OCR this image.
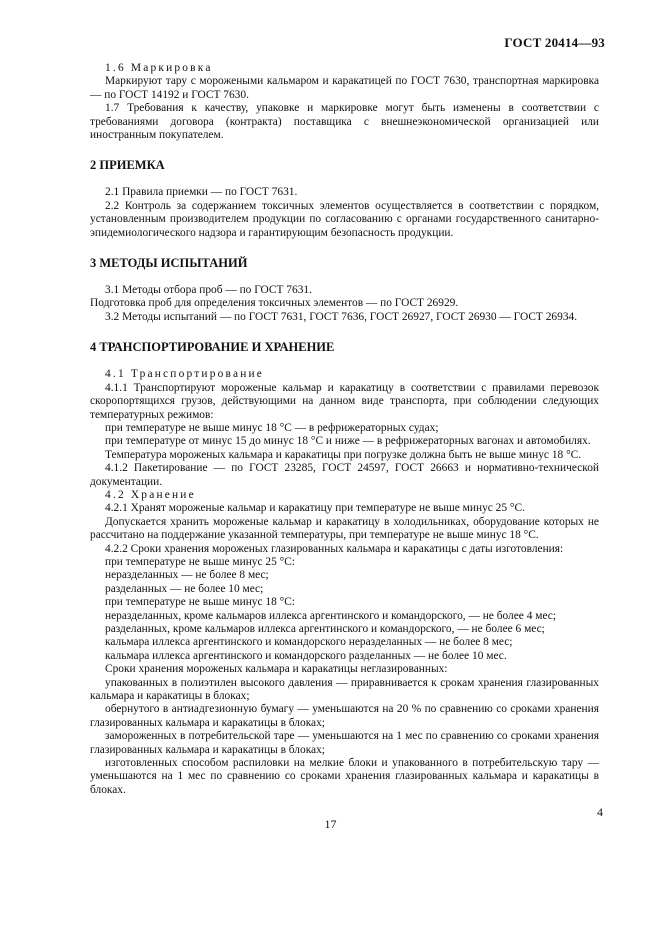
ГОСТ 20414—93

1.6 Маркировка

Маркируют тару с морожеными кальмаром и каракатицей по ГОСТ 7630, транспортная маркировка — по ГОСТ 14192 и ГОСТ 7630.

1.7 Требования к качеству, упаковке и маркировке могут быть изменены в соответствии с требованиями договора (контракта) поставщика с внешнеэкономической организацией или иностранным покупателем.

2 ПРИЕМКА

2.1 Правила приемки — по ГОСТ 7631.

2.2 Контроль за содержанием токсичных элементов осуществляется в соответствии с порядком, установленным производителем продукции по согласованию с органами государственного санитарно-эпидемиологического надзора и гарантирующим безопасность продукции.

3 МЕТОДЫ ИСПЫТАНИЙ

3.1 Методы отбора проб — по ГОСТ 7631.

Подготовка проб для определения токсичных элементов — по ГОСТ 26929.

3.2 Методы испытаний — по ГОСТ 7631, ГОСТ 7636, ГОСТ 26927, ГОСТ 26930 — ГОСТ 26934.

4 ТРАНСПОРТИРОВАНИЕ И ХРАНЕНИЕ

4.1 Транспортирование

4.1.1 Транспортируют мороженые кальмар и каракатицу в соответствии с правилами перевозок скоропортящихся грузов, действующими на данном виде транспорта, при соблюдении следующих температурных режимов:

при температуре не выше минус 18 °С — в рефрижераторных судах;

при температуре от минус 15 до минус 18 °С и ниже — в рефрижераторных вагонах и автомобилях.

Температура мороженых кальмара и каракатицы при погрузке должна быть не выше минус 18 °С.

4.1.2 Пакетирование — по ГОСТ 23285, ГОСТ 24597, ГОСТ 26663 и нормативно-технической документации.

4.2 Хранение

4.2.1 Хранят мороженые кальмар и каракатицу при температуре не выше минус 25 °С.

Допускается хранить мороженые кальмар и каракатицу в холодильниках, оборудование которых не рассчитано на поддержание указанной температуры, при температуре не выше минус 18 °С.

4.2.2 Сроки хранения мороженых глазированных кальмара и каракатицы с даты изготовления:

при температуре не выше минус 25 °С:

неразделанных — не более 8 мес;

разделанных — не более 10 мес;

при температуре не выше минус 18 °С:

неразделанных, кроме кальмаров иллекса аргентинского и командорского, — не более 4 мес;

разделанных, кроме кальмаров иллекса аргентинского и командорского, — не более 6 мес;

кальмара иллекса аргентинского и командорского неразделанных — не более 8 мес;

кальмара иллекса аргентинского и командорского разделанных — не более 10 мес.

Сроки хранения мороженых кальмара и каракатицы неглазированных:

упакованных в полиэтилен высокого давления — приравнивается к срокам хранения глазированных кальмара и каракатицы в блоках;

обернутого в антиадгезионную бумагу — уменьшаются на 20 % по сравнению со сроками хранения глазированных кальмара и каракатицы в блоках;

замороженных в потребительской таре — уменьшаются на 1 мес по сравнению со сроками хранения глазированных кальмара и каракатицы в блоках;

изготовленных способом распиловки на мелкие блоки и упакованного в потребительскую тару — уменьшаются на 1 мес по сравнению со сроками хранения глазированных кальмара и каракатицы в блоках.

4
17
